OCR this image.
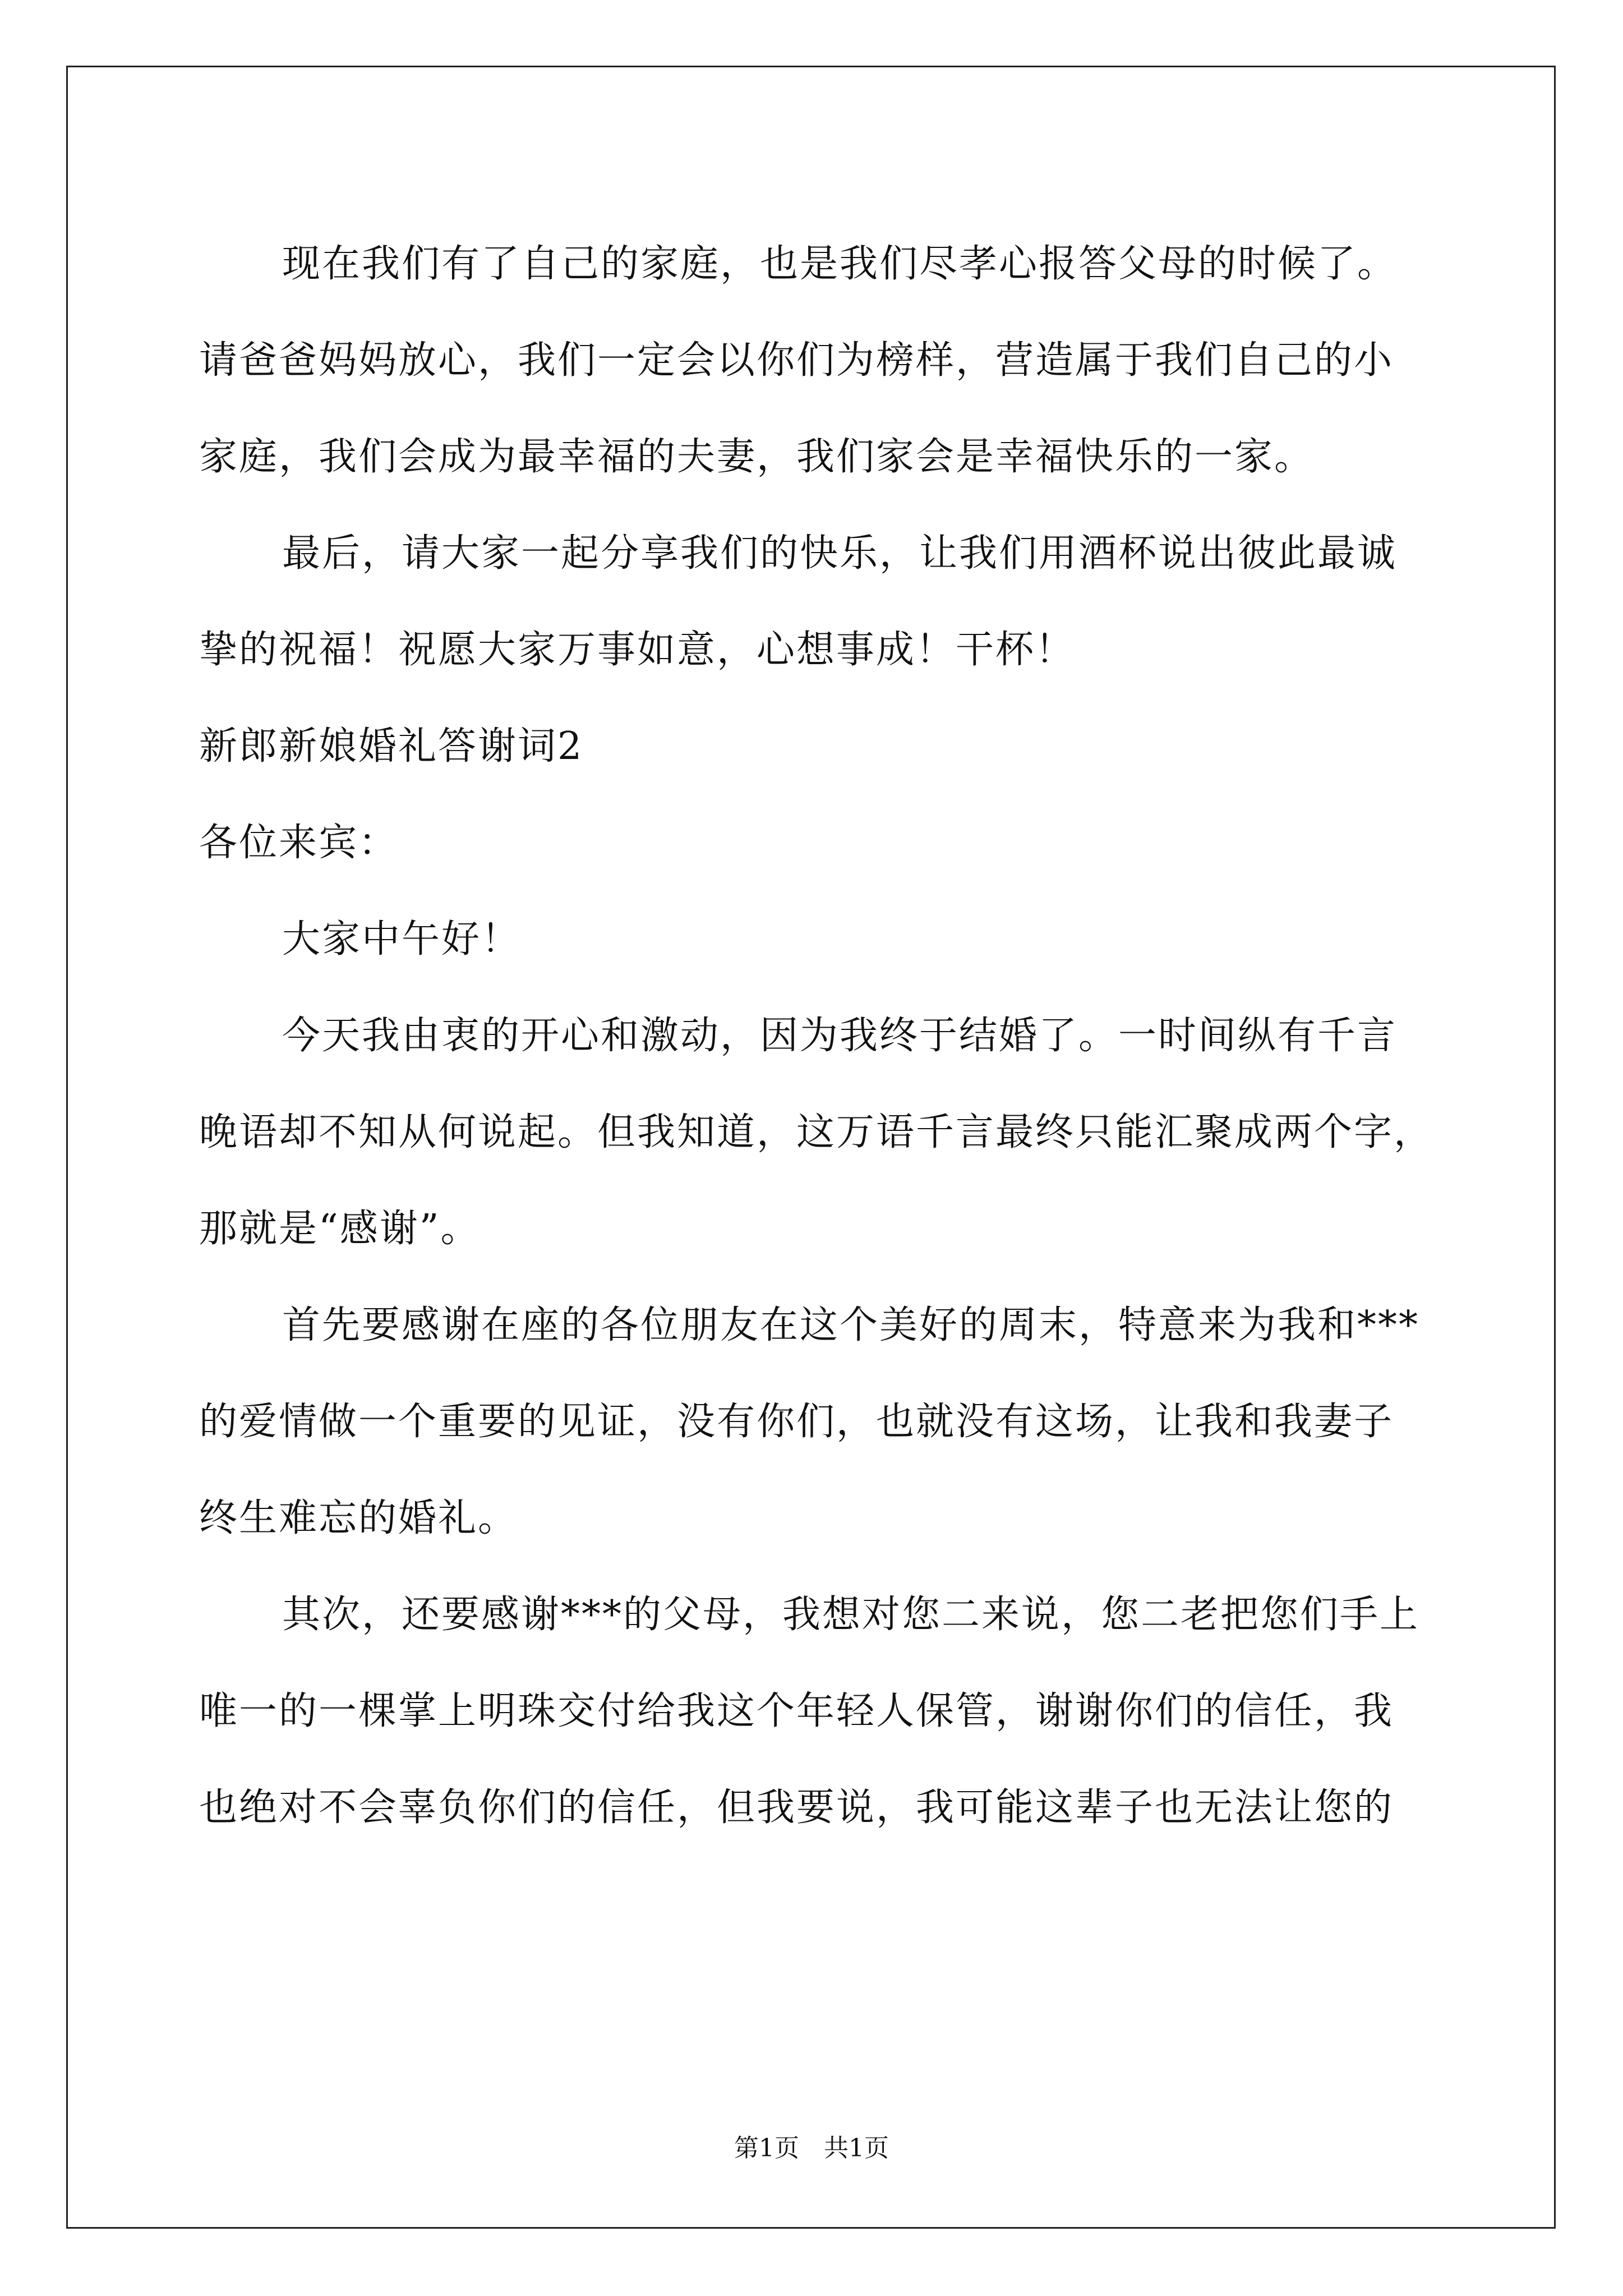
现在我们有了自己的家庭，也是我们尽孝心报答父母的时候了。
请爸爸妈妈放心，我们一定会以你们为榜样，营造属于我们自己的小
家庭，我们会成为最幸福的夫妻，我们家会是幸福快乐的一家。
最后，请大家一起分享我们的快乐，让我们用酒杯说出彼此最诚
挚的祝福！祝愿大家万事如意，心想事成！干杯！
新郎新娘婚礼答谢词2
各位来宾：
大家中午好！
今天我由衷的开心和激动，因为我终于结婚了。一时间纵有千言
晚语却不知从何说起。但我知道，这万语千言最终只能汇聚成两个字，
那就是“感谢”。
首先要感谢在座的各位朋友在这个美好的周末，特意来为我和***
的爱情做一个重要的见证，没有你们，也就没有这场，让我和我妻子
终生难忘的婚礼。
其次，还要感谢***的父母，我想对您二来说，您二老把您们手上
唯一的一棵掌上明珠交付给我这个年轻人保管，谢谢你们的信任，我
也绝对不会辜负你们的信任，但我要说，我可能这辈子也无法让您的
第1页　共1页
